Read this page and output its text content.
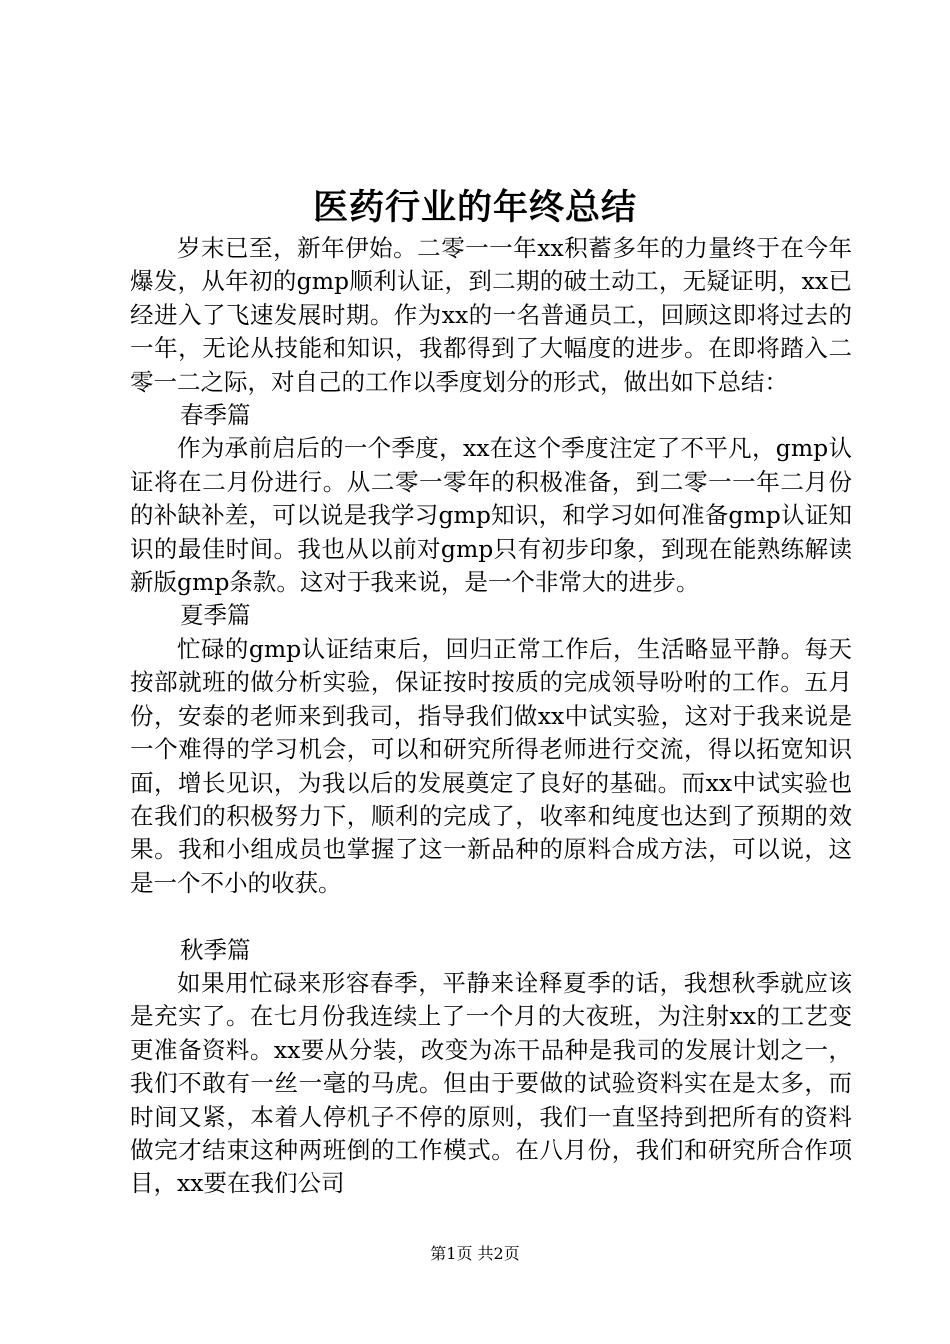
医药行业的年终总结

岁末已至，新年伊始。二零一一年xx积蓄多年的力量终于在今年爆发，从年初的gmp顺利认证，到二期的破土动工，无疑证明，xx已经进入了飞速发展时期。作为xx的一名普通员工，回顾这即将过去的一年，无论从技能和知识，我都得到了大幅度的进步。在即将踏入二零一二之际，对自己的工作以季度划分的形式，做出如下总结：

春季篇

作为承前启后的一个季度，xx在这个季度注定了不平凡，gmp认证将在二月份进行。从二零一零年的积极准备，到二零一一年二月份的补缺补差，可以说是我学习gmp知识，和学习如何准备gmp认证知识的最佳时间。我也从以前对gmp只有初步印象，到现在能熟练解读新版gmp条款。这对于我来说，是一个非常大的进步。

夏季篇

忙碌的gmp认证结束后，回归正常工作后，生活略显平静。每天按部就班的做分析实验，保证按时按质的完成领导吩咐的工作。五月份，安泰的老师来到我司，指导我们做xx中试实验，这对于我来说是一个难得的学习机会，可以和研究所得老师进行交流，得以拓宽知识面，增长见识，为我以后的发展奠定了良好的基础。而xx中试实验也在我们的积极努力下，顺利的完成了，收率和纯度也达到了预期的效果。我和小组成员也掌握了这一新品种的原料合成方法，可以说，这是一个不小的收获。

秋季篇

如果用忙碌来形容春季，平静来诠释夏季的话，我想秋季就应该是充实了。在七月份我连续上了一个月的大夜班，为注射xx的工艺变更准备资料。xx要从分装，改变为冻干品种是我司的发展计划之一，我们不敢有一丝一毫的马虎。但由于要做的试验资料实在是太多，而时间又紧，本着人停机子不停的原则，我们一直坚持到把所有的资料做完才结束这种两班倒的工作模式。在八月份，我们和研究所合作项目，xx要在我们公司

第1页 共2页
